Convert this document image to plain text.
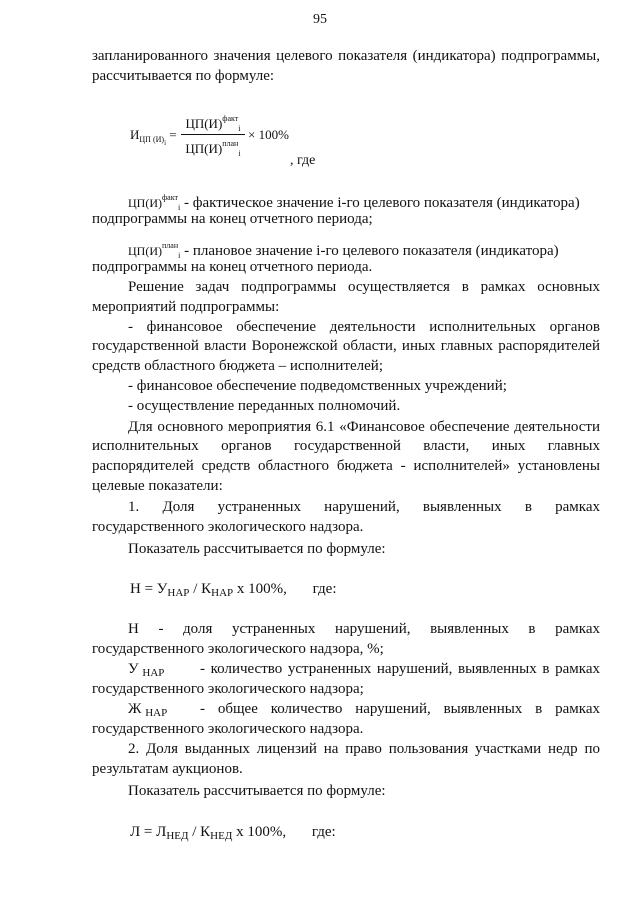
95
запланированного значения целевого показателя (индикатора) подпрограммы,
рассчитывается по формуле:
$И_{ЦП (И)i}$ =
$ЦП(И)^{факт}_i$
$ЦП(И)^{план}_i$
× 100%
, где
$ЦП(И)^{факт}_i$ - фактическое значение i-го целевого показателя (индикатора)
подпрограммы на конец отчетного периода;
$ЦП(И)^{план}_i$ - плановое значение i-го целевого показателя (индикатора)
подпрограммы на конец отчетного периода.
Решение задач подпрограммы осуществляется в рамках основных
мероприятий подпрограммы:
- финансовое обеспечение деятельности исполнительных органов
государственной власти Воронежской области, иных главных распорядителей
средств областного бюджета – исполнителей;
- финансовое обеспечение подведомственных учреждений;
- осуществление переданных полномочий.
Для основного мероприятия 6.1 «Финансовое обеспечение деятельности
исполнительных органов государственной власти, иных главных
распорядителей средств областного бюджета - исполнителей» установлены
целевые показатели:
1. Доля устраненных нарушений, выявленных в рамках
государственного экологического надзора.
Показатель рассчитывается по формуле:
$Н = У_{НАР} / К_{НАР}$ х 100%, где:
Н - доля устраненных нарушений, выявленных в рамках
государственного экологического надзора, %;
У $_{НАР}$ - количество устраненных нарушений, выявленных в рамках
государственного экологического надзора;
Ж $_{НАР}$ - общее количество нарушений, выявленных в рамках
государственного экологического надзора.
2. Доля выданных лицензий на право пользования участками недр по
результатам аукционов.
Показатель рассчитывается по формуле:
$Л = Л_{НЕД} / К_{НЕД}$ х 100%, где:
